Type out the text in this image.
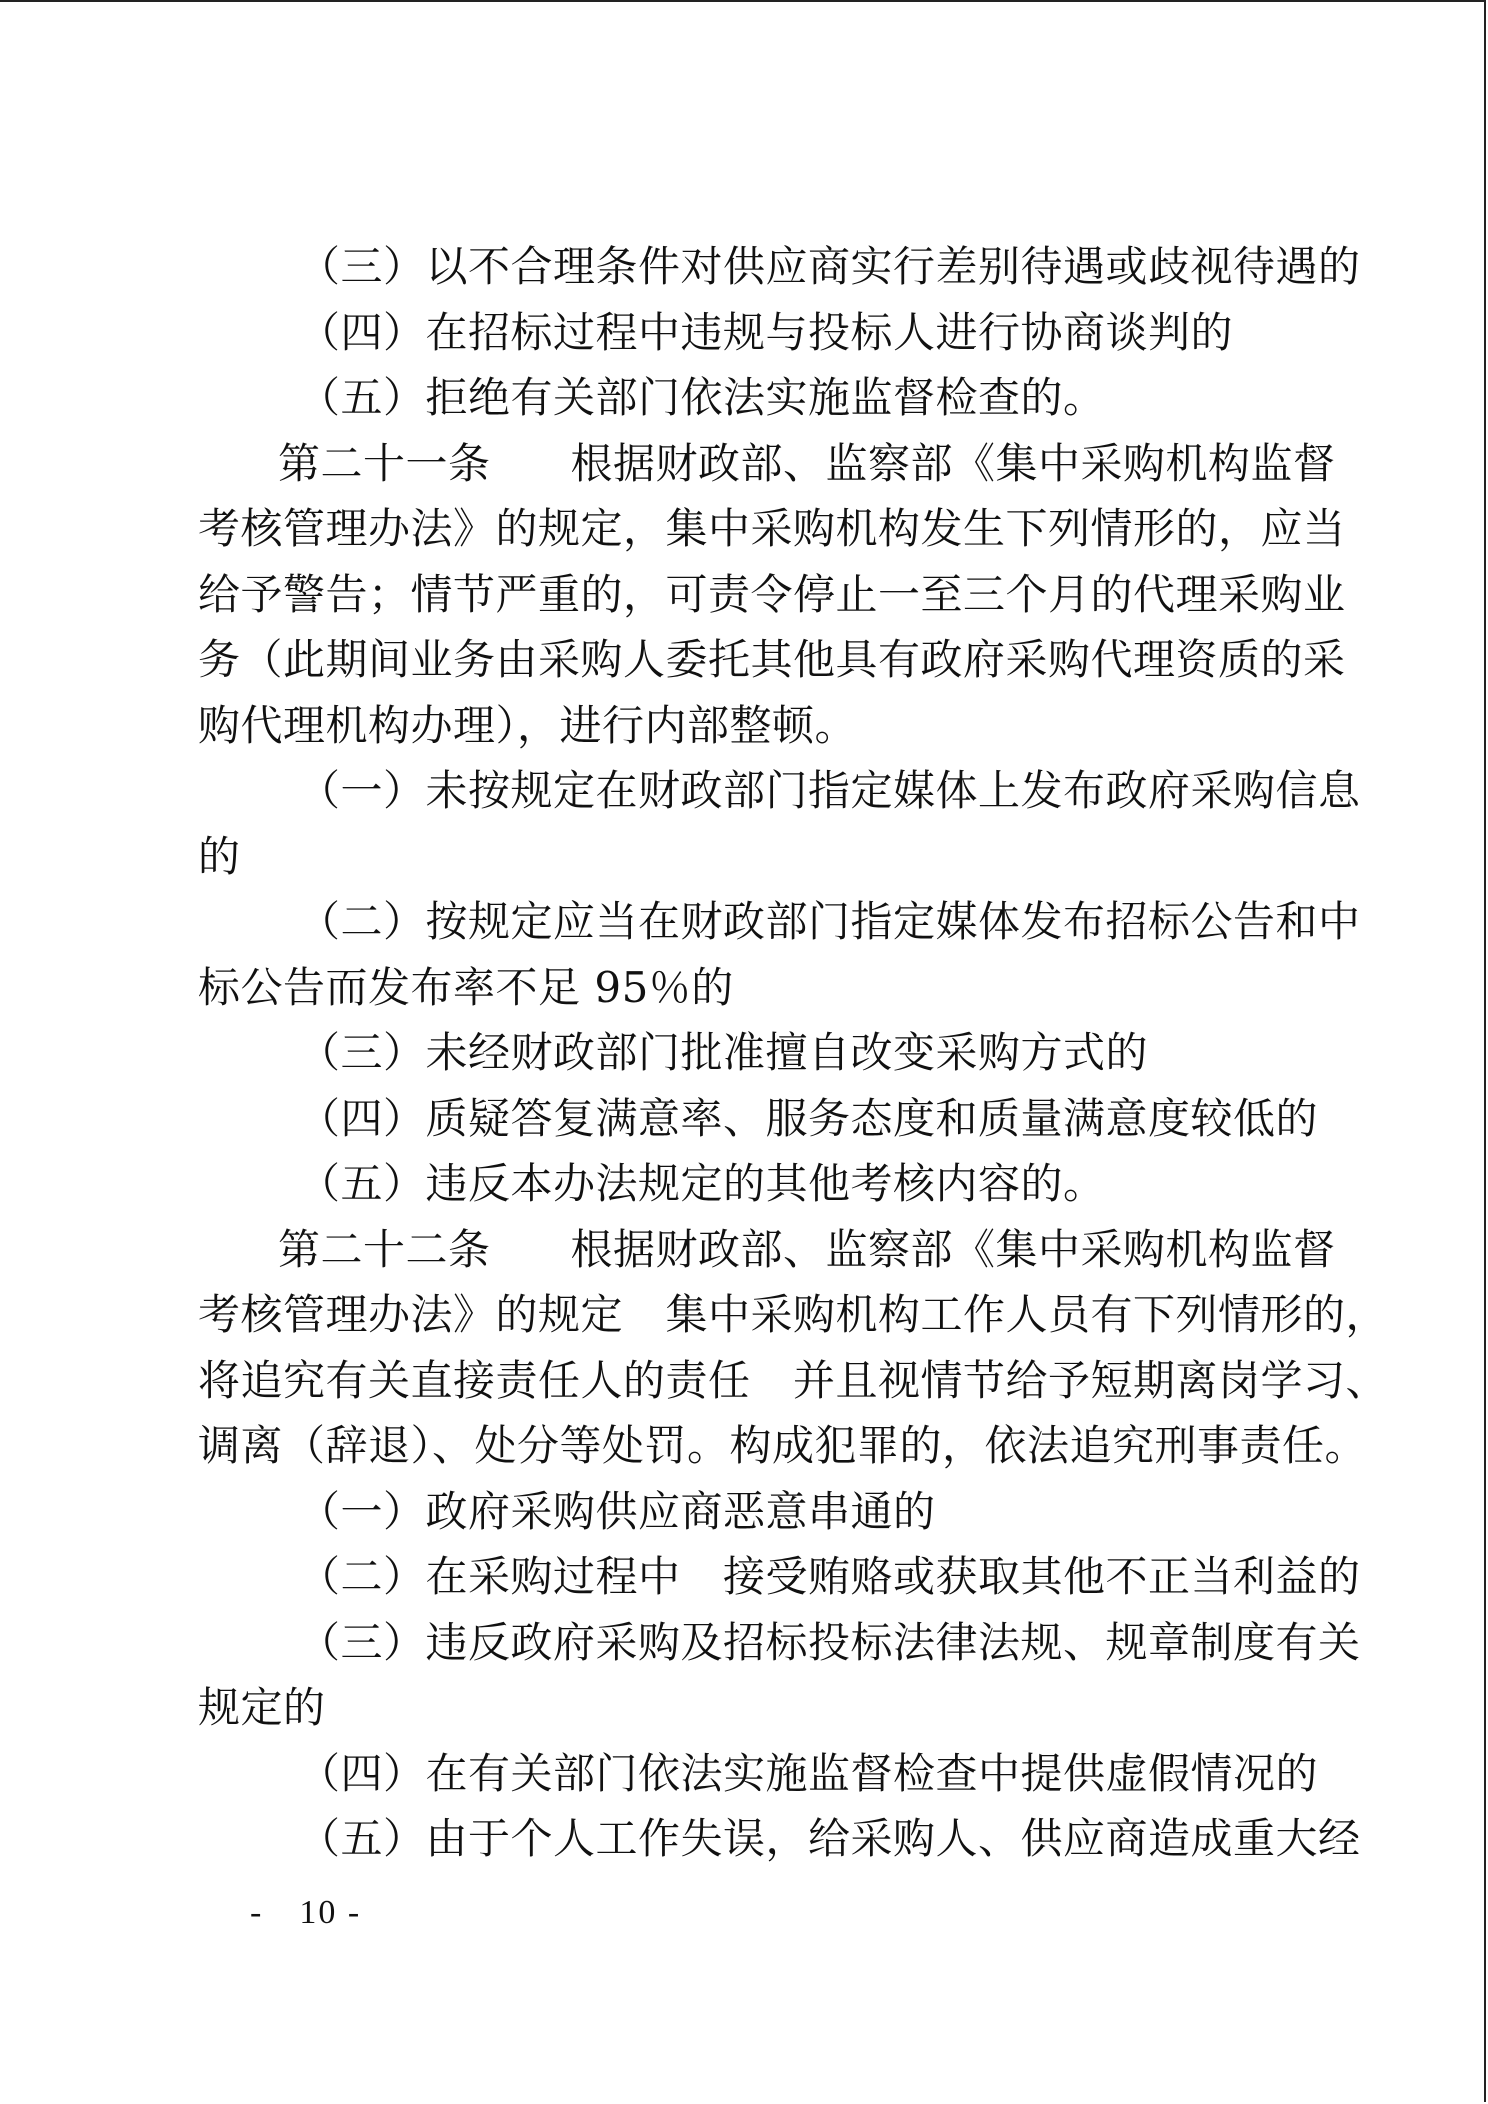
（三）以不合理条件对供应商实行差别待遇或歧视待遇的
（四）在招标过程中违规与投标人进行协商谈判的
（五）拒绝有关部门依法实施监督检查的。
第二十一条 根据财政部、监察部《集中采购机构监督
考核管理办法》的规定，集中采购机构发生下列情形的，应当
给予警告；情节严重的，可责令停止一至三个月的代理采购业
务（此期间业务由采购人委托其他具有政府采购代理资质的采
购代理机构办理），进行内部整顿。
（一）未按规定在财政部门指定媒体上发布政府采购信息
的
（二）按规定应当在财政部门指定媒体发布招标公告和中
标公告而发布率不足 95％的
（三）未经财政部门批准擅自改变采购方式的
（四）质疑答复满意率、服务态度和质量满意度较低的
（五）违反本办法规定的其他考核内容的。
第二十二条 根据财政部、监察部《集中采购机构监督
考核管理办法》的规定　集中采购机构工作人员有下列情形的，
将追究有关直接责任人的责任　并且视情节给予短期离岗学习、
调离（辞退）、处分等处罚。构成犯罪的，依法追究刑事责任。
（一）政府采购供应商恶意串通的
（二）在采购过程中　接受贿赂或获取其他不正当利益的
（三）违反政府采购及招标投标法律法规、规章制度有关
规定的
（四）在有关部门依法实施监督检查中提供虚假情况的
（五）由于个人工作失误，给采购人、供应商造成重大经
-　10 -
